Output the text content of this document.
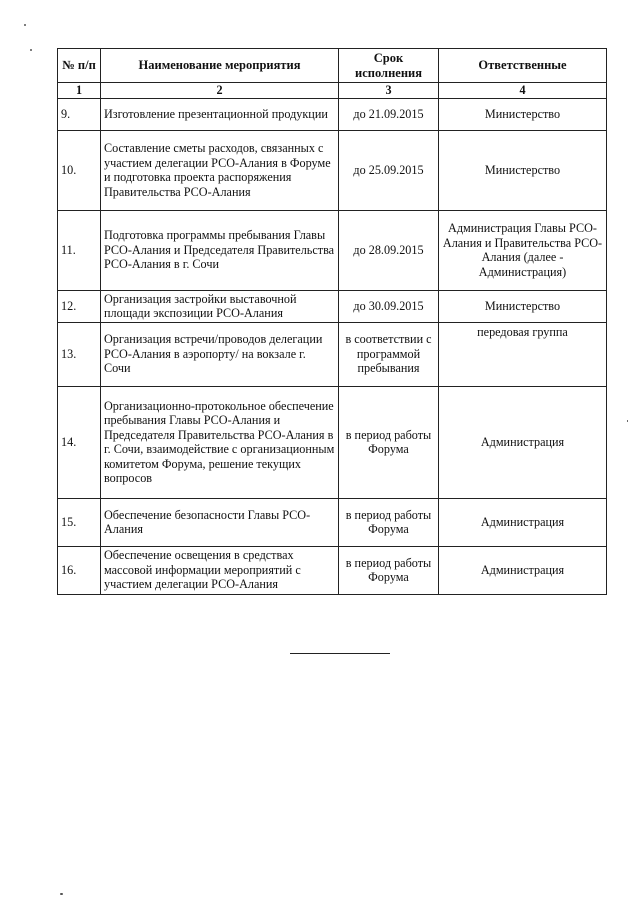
№ п/п	Наименование мероприятия	Срок исполнения	Ответственные
1	2	3	4
9.	Изготовление презентационной продукции	до 21.09.2015	Министерство
10.	Составление сметы расходов, связанных с участием делегации РСО-Алания в Форуме и подготовка проекта распоряжения Правительства РСО-Алания	до 25.09.2015	Министерство
11.	Подготовка программы пребывания Главы РСО-Алания и Председателя Правительства РСО-Алания в г. Сочи	до 28.09.2015	Администрация Главы РСО-Алания и Правительства РСО-Алания (далее - Администрация)
12.	Организация застройки выставочной площади экспозиции РСО-Алания	до 30.09.2015	Министерство
13.	Организация встречи/проводов делегации РСО-Алания в аэропорту/ на вокзале г. Сочи	в соответствии с программой пребывания	передовая группа
14.	Организационно-протокольное обеспечение пребывания Главы РСО-Алания и Председателя Правительства РСО-Алания в г. Сочи, взаимодействие с организационным комитетом Форума, решение текущих вопросов	в период работы Форума	Администрация
15.	Обеспечение безопасности Главы РСО-Алания	в период работы Форума	Администрация
16.	Обеспечение освещения в средствах массовой информации мероприятий с участием делегации РСО-Алания	в период работы Форума	Администрация
